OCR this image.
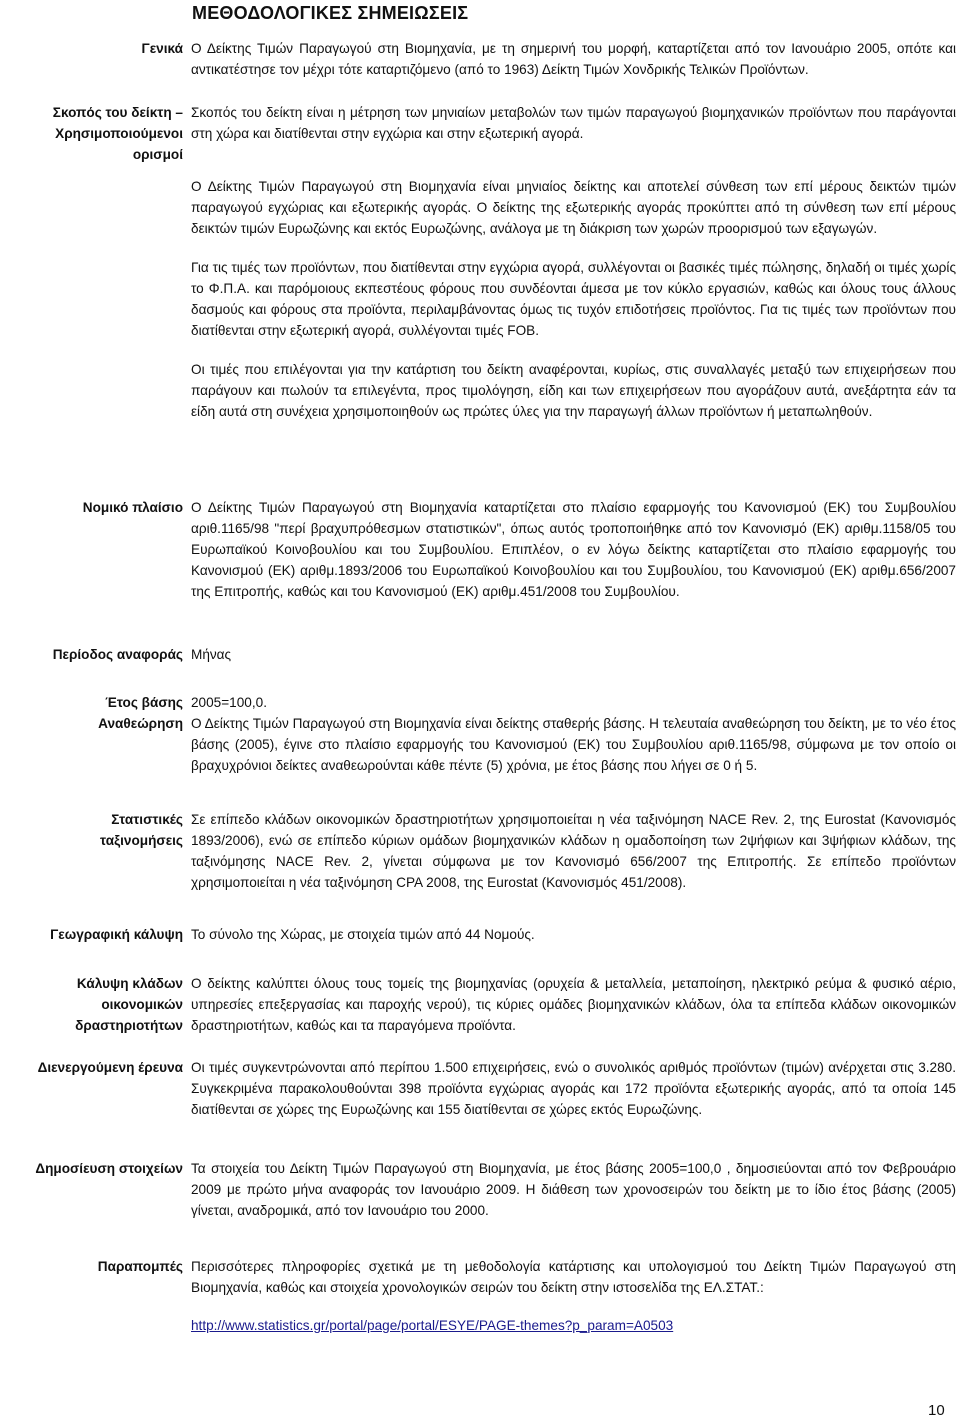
ΜΕΘΟΔΟΛΟΓΙΚΕΣ ΣΗΜΕΙΩΣΕΙΣ
Γενικά Ο Δείκτης Τιμών Παραγωγού στη Βιομηχανία, με τη σημερινή του μορφή, καταρτίζεται από τον Ιανουάριο 2005, οπότε και αντικατέστησε τον μέχρι τότε καταρτιζόμενο (από το 1963) Δείκτη Τιμών Χονδρικής Τελικών Προϊόντων.

Σκοπός του δείκτη –
Χρησιμοποιούμενοι
ορισμοί

Σκοπός του δείκτη είναι η μέτρηση των μηνιαίων μεταβολών των τιμών παραγωγού βιομηχανικών προϊόντων που παράγονται στη χώρα και διατίθενται στην εγχώρια και στην εξωτερική αγορά.

Ο Δείκτης Τιμών Παραγωγού στη Βιομηχανία είναι μηνιαίος δείκτης και αποτελεί σύνθεση των επί μέρους δεικτών τιμών παραγωγού εγχώριας και εξωτερικής αγοράς. Ο δείκτης της εξωτερικής αγοράς προκύπτει από τη σύνθεση των επί μέρους δεικτών τιμών Ευρωζώνης και εκτός Ευρωζώνης, ανάλογα με τη διάκριση των χωρών προορισμού των εξαγωγών.

Για τις τιμές των προϊόντων, που διατίθενται στην εγχώρια αγορά, συλλέγονται οι βασικές τιμές πώλησης, δηλαδή οι τιμές χωρίς το Φ.Π.Α. και παρόμοιους εκπεστέους φόρους που συνδέονται άμεσα με τον κύκλο εργασιών, καθώς και όλους τους άλλους δασμούς και φόρους στα προϊόντα, περιλαμβάνοντας όμως τις τυχόν επιδοτήσεις προϊόντος. Για τις τιμές των προϊόντων που διατίθενται στην εξωτερική αγορά, συλλέγονται τιμές FOB.

Οι τιμές που επιλέγονται για την κατάρτιση του δείκτη αναφέρονται, κυρίως, στις συναλλαγές μεταξύ των επιχειρήσεων που παράγουν και πωλούν τα επιλεγέντα, προς τιμολόγηση, είδη και των επιχειρήσεων που αγοράζουν αυτά, ανεξάρτητα εάν τα είδη αυτά στη συνέχεια χρησιμοποιηθούν ως πρώτες ύλες για την παραγωγή άλλων προϊόντων ή μεταπωληθούν.

Νομικό πλαίσιο Ο Δείκτης Τιμών Παραγωγού στη Βιομηχανία καταρτίζεται στο πλαίσιο εφαρμογής του Κανονισμού (ΕΚ) του Συμβουλίου αριθ.1165/98 "περί βραχυπρόθεσμων στατιστικών", όπως αυτός τροποποιήθηκε από τον Κανονισμό (ΕΚ) αριθμ.1158/05 του Ευρωπαϊκού Κοινοβουλίου και του Συμβουλίου. Επιπλέον, ο εν λόγω δείκτης καταρτίζεται στο πλαίσιο εφαρμογής του Κανονισμού (ΕΚ) αριθμ.1893/2006 του Ευρωπαϊκού Κοινοβουλίου και του Συμβουλίου, του Κανονισμού (ΕΚ) αριθμ.656/2007 της Επιτροπής, καθώς και του Κανονισμού (ΕΚ) αριθμ.451/2008 του Συμβουλίου.

Περίοδος αναφοράς Μήνας

Έτος βάσης 2005=100,0.

Αναθεώρηση Ο Δείκτης Τιμών Παραγωγού στη Βιομηχανία είναι δείκτης σταθερής βάσης. Η τελευταία αναθεώρηση του δείκτη, με το νέο έτος βάσης (2005), έγινε στο πλαίσιο εφαρμογής του Κανονισμού (ΕΚ) του Συμβουλίου αριθ.1165/98, σύμφωνα με τον οποίο οι βραχυχρόνιοι δείκτες αναθεωρούνται κάθε πέντε (5) χρόνια, με έτος βάσης που λήγει σε 0 ή 5.

Στατιστικές
ταξινομήσεις

Σε επίπεδο κλάδων οικονομικών δραστηριοτήτων χρησιμοποιείται η νέα ταξινόμηση NACE Rev. 2, της Eurostat (Κανονισμός 1893/2006), ενώ σε επίπεδο κύριων ομάδων βιομηχανικών κλάδων η ομαδοποίηση των 2ψήφιων και 3ψήφιων κλάδων, της ταξινόμησης NACE Rev. 2, γίνεται σύμφωνα με τον Κανονισμό 656/2007 της Επιτροπής. Σε επίπεδο προϊόντων χρησιμοποιείται η νέα ταξινόμηση CPA 2008, της Eurostat (Κανονισμός 451/2008).

Γεωγραφική κάλυψη Το σύνολο της Χώρας, με στοιχεία τιμών από 44 Νομούς.

Κάλυψη κλάδων
οικονομικών
δραστηριοτήτων

Ο δείκτης καλύπτει όλους τους τομείς της βιομηχανίας (ορυχεία & μεταλλεία, μεταποίηση, ηλεκτρικό ρεύμα & φυσικό αέριο, υπηρεσίες επεξεργασίας και παροχής νερού), τις κύριες ομάδες βιομηχανικών κλάδων, όλα τα επίπεδα κλάδων οικονομικών δραστηριοτήτων, καθώς και τα παραγόμενα προϊόντα.

Διενεργούμενη έρευνα Οι τιμές συγκεντρώνονται από περίπου 1.500 επιχειρήσεις, ενώ ο συνολικός αριθμός προϊόντων (τιμών) ανέρχεται στις 3.280. Συγκεκριμένα παρακολουθούνται 398 προϊόντα εγχώριας αγοράς και 172 προϊόντα εξωτερικής αγοράς, από τα οποία 145 διατίθενται σε χώρες της Ευρωζώνης και 155 διατίθενται σε χώρες εκτός Ευρωζώνης.

Δημοσίευση στοιχείων Τα στοιχεία του Δείκτη Τιμών Παραγωγού στη Βιομηχανία, με έτος βάσης 2005=100,0 , δημοσιεύονται από τον Φεβρουάριο 2009 με πρώτο μήνα αναφοράς τον Ιανουάριο 2009. Η διάθεση των χρονοσειρών του δείκτη με το ίδιο έτος βάσης (2005) γίνεται, αναδρομικά, από τον Ιανουάριο του 2000.

Παραπομπές Περισσότερες πληροφορίες σχετικά με τη μεθοδολογία κατάρτισης και υπολογισμού του Δείκτη Τιμών Παραγωγού στη Βιομηχανία, καθώς και στοιχεία χρονολογικών σειρών του δείκτη στην ιστοσελίδα της ΕΛ.ΣΤΑΤ.:

http://www.statistics.gr/portal/page/portal/ESYE/PAGE-themes?p_param=A0503

10
